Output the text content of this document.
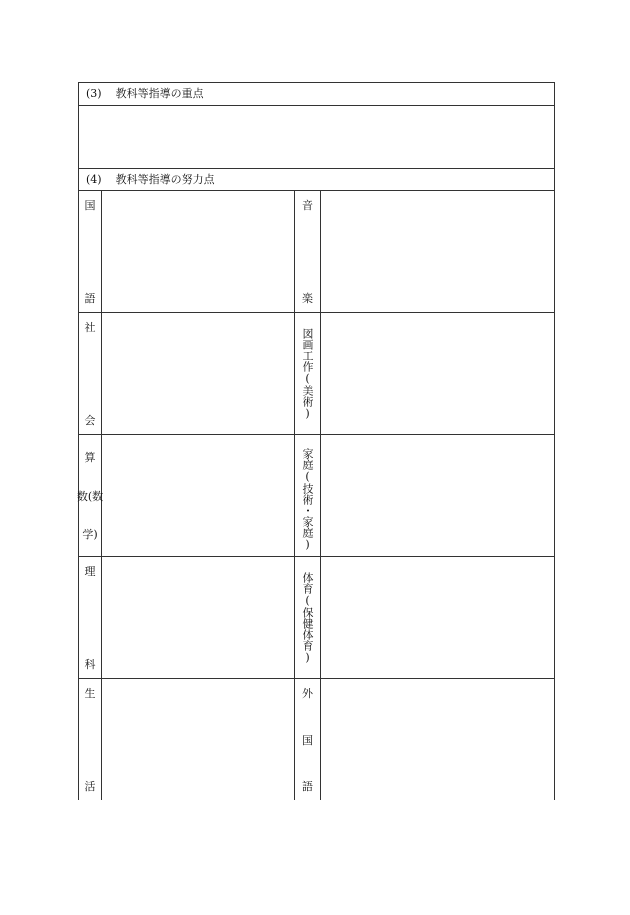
(3) 教科等指導の重点
(4) 教科等指導の努力点
国
語
音
楽
社
会
図画工作(美術)
算
数(数
学)	家庭(技術・家庭)
理
科
体育(保健体育)
生
活
外
国
語
